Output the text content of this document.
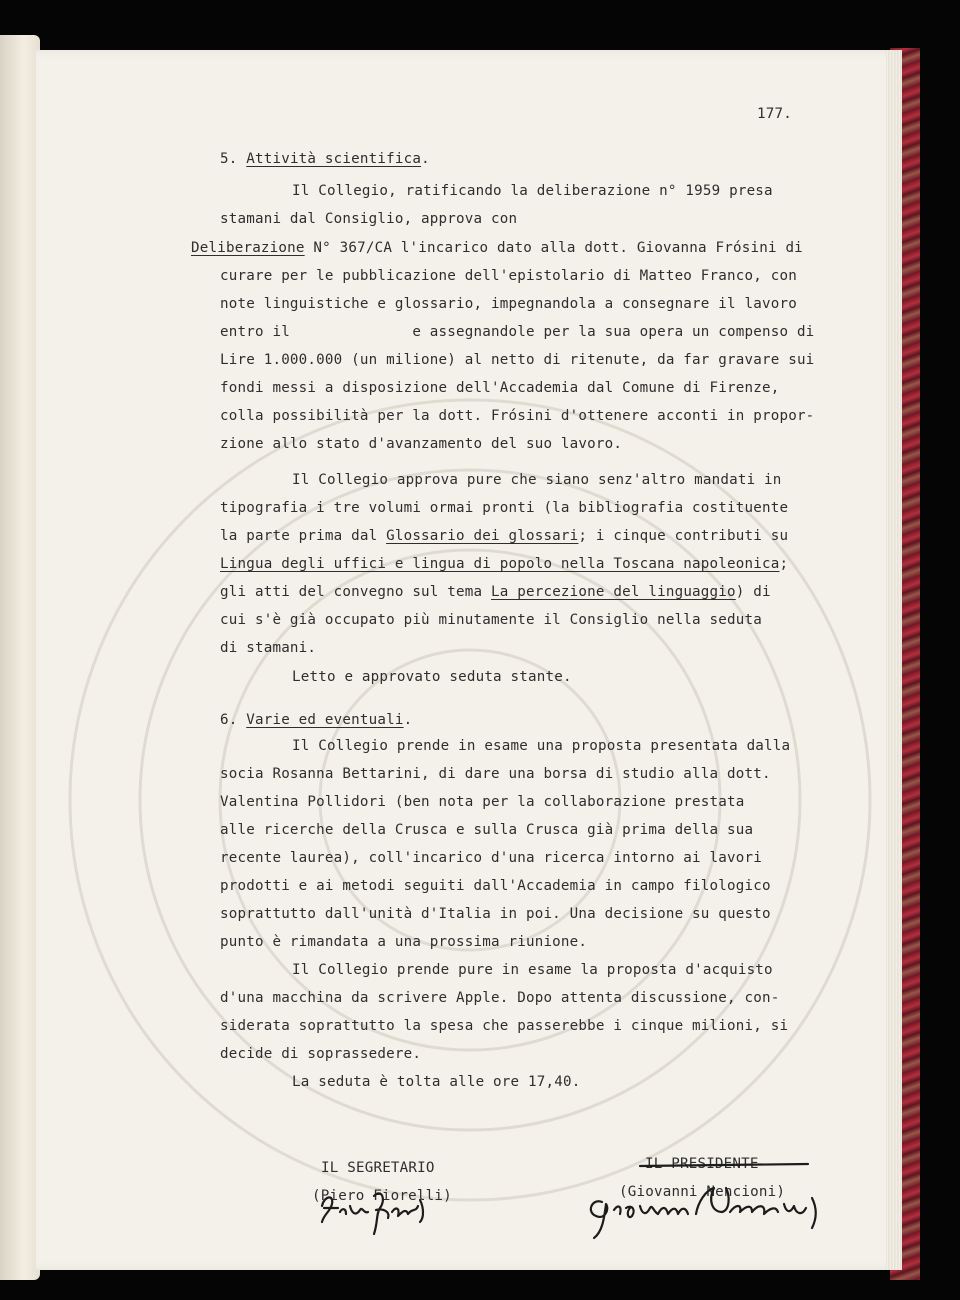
177.
5. Attività scientifica.
Il Collegio, ratificando la deliberazione n° 1959 presa
stamani dal Consiglio, approva con
Deliberazione N° 367/CA l'incarico dato alla dott. Giovanna Frósini di
curare per le pubblicazione dell'epistolario di Matteo Franco, con
note linguistiche e glossario, impegnandola a consegnare il lavoro
entro il              e assegnandole per la sua opera un compenso di
Lire 1.000.000 (un milione) al netto di ritenute, da far gravare sui
fondi messi a disposizione dell'Accademia dal Comune di Firenze,
colla possibilità per la dott. Frósini d'ottenere acconti in propor-
zione allo stato d'avanzamento del suo lavoro.
Il Collegio approva pure che siano senz'altro mandati in
tipografia i tre volumi ormai pronti (la bibliografia costituente
la parte prima dal Glossario dei glossari; i cinque contributi su
Lingua degli uffici e lingua di popolo nella Toscana napoleonica;
gli atti del convegno sul tema La percezione del linguaggio) di
cui s'è già occupato più minutamente il Consiglio nella seduta
di stamani.
Letto e approvato seduta stante.
6. Varie ed eventuali.
Il Collegio prende in esame una proposta presentata dalla
socia Rosanna Bettarini, di dare una borsa di studio alla dott.
Valentina Pollidori (ben nota per la collaborazione prestata
alle ricerche della Crusca e sulla Crusca già prima della sua
recente laurea), coll'incarico d'una ricerca intorno ai lavori
prodotti e ai metodi seguiti dall'Accademia in campo filologico
soprattutto dall'unità d'Italia in poi. Una decisione su questo
punto è rimandata a una prossima riunione.
Il Collegio prende pure in esame la proposta d'acquisto
d'una macchina da scrivere Apple. Dopo attenta discussione, con-
siderata soprattutto la spesa che passerebbe i cinque milioni, si
decide di soprassedere.
La seduta è tolta alle ore 17,40.
IL SEGRETARIO
(Piero Fiorelli)
IL PRESIDENTE
(Giovanni Nencioni)
